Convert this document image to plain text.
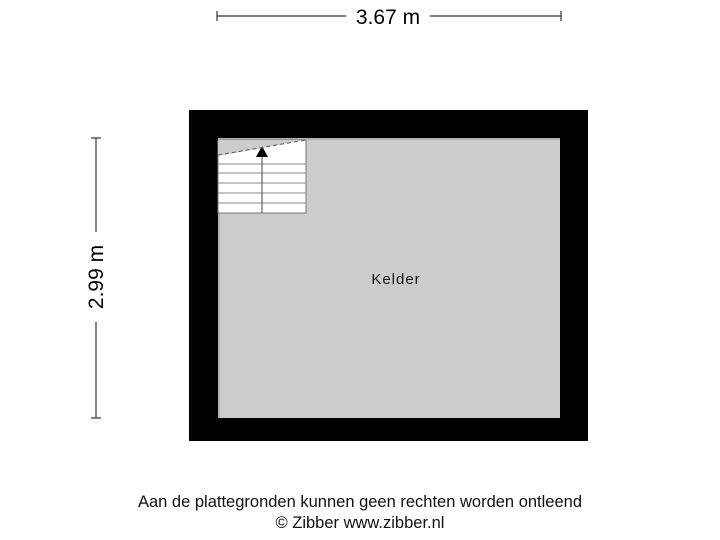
3.67 m
2.99 m	Kelder
Aan de plattegronden kunnen geen rechten worden ontleend
© Zibber www.zibber.nl
